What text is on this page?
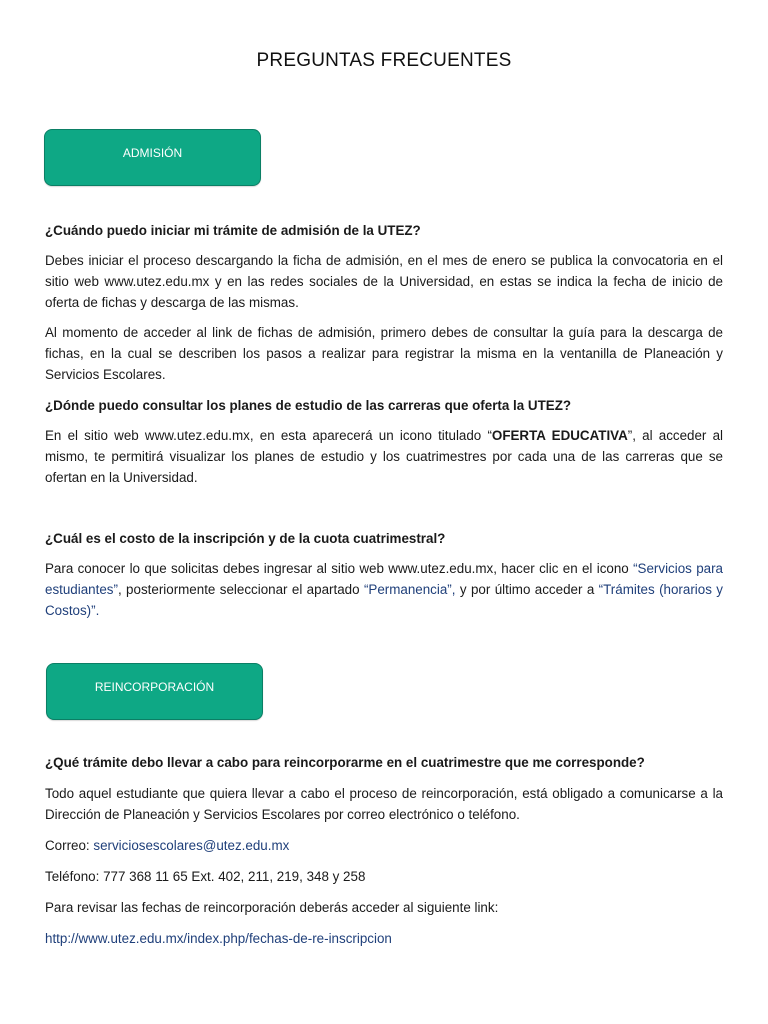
PREGUNTAS FRECUENTES
ADMISIÓN
¿Cuándo puedo iniciar mi trámite de admisión de la UTEZ?
Debes iniciar el proceso descargando la ficha de admisión, en el mes de enero se publica la convocatoria en el sitio web www.utez.edu.mx y en las redes sociales de la Universidad, en estas se indica la fecha de inicio de oferta de fichas y descarga de las mismas.
Al momento de acceder al link de fichas de admisión, primero debes de consultar la guía para la descarga de fichas, en la cual se describen los pasos a realizar para registrar la misma en la ventanilla de Planeación y Servicios Escolares.
¿Dónde puedo consultar los planes de estudio de las carreras que oferta la UTEZ?
En el sitio web www.utez.edu.mx, en esta aparecerá un icono titulado “OFERTA EDUCATIVA”, al acceder al mismo, te permitirá visualizar los planes de estudio y los cuatrimestres por cada una de las carreras que se ofertan en la Universidad.
¿Cuál es el costo de la inscripción y de la cuota cuatrimestral?
Para conocer lo que solicitas debes ingresar al sitio web www.utez.edu.mx, hacer clic en el icono “Servicios para estudiantes”, posteriormente seleccionar el apartado “Permanencia”, y por último acceder a “Trámites (horarios y Costos)”.
REINCORPORACIÓN
¿Qué trámite debo llevar a cabo para reincorporarme en el cuatrimestre que me corresponde?
Todo aquel estudiante que quiera llevar a cabo el proceso de reincorporación, está obligado a comunicarse a la Dirección de Planeación y Servicios Escolares por correo electrónico o teléfono.
Correo: serviciosescolares@utez.edu.mx
Teléfono: 777 368 11 65 Ext. 402, 211, 219, 348 y 258
Para revisar las fechas de reincorporación deberás acceder al siguiente link:
http://www.utez.edu.mx/index.php/fechas-de-re-inscripcion
